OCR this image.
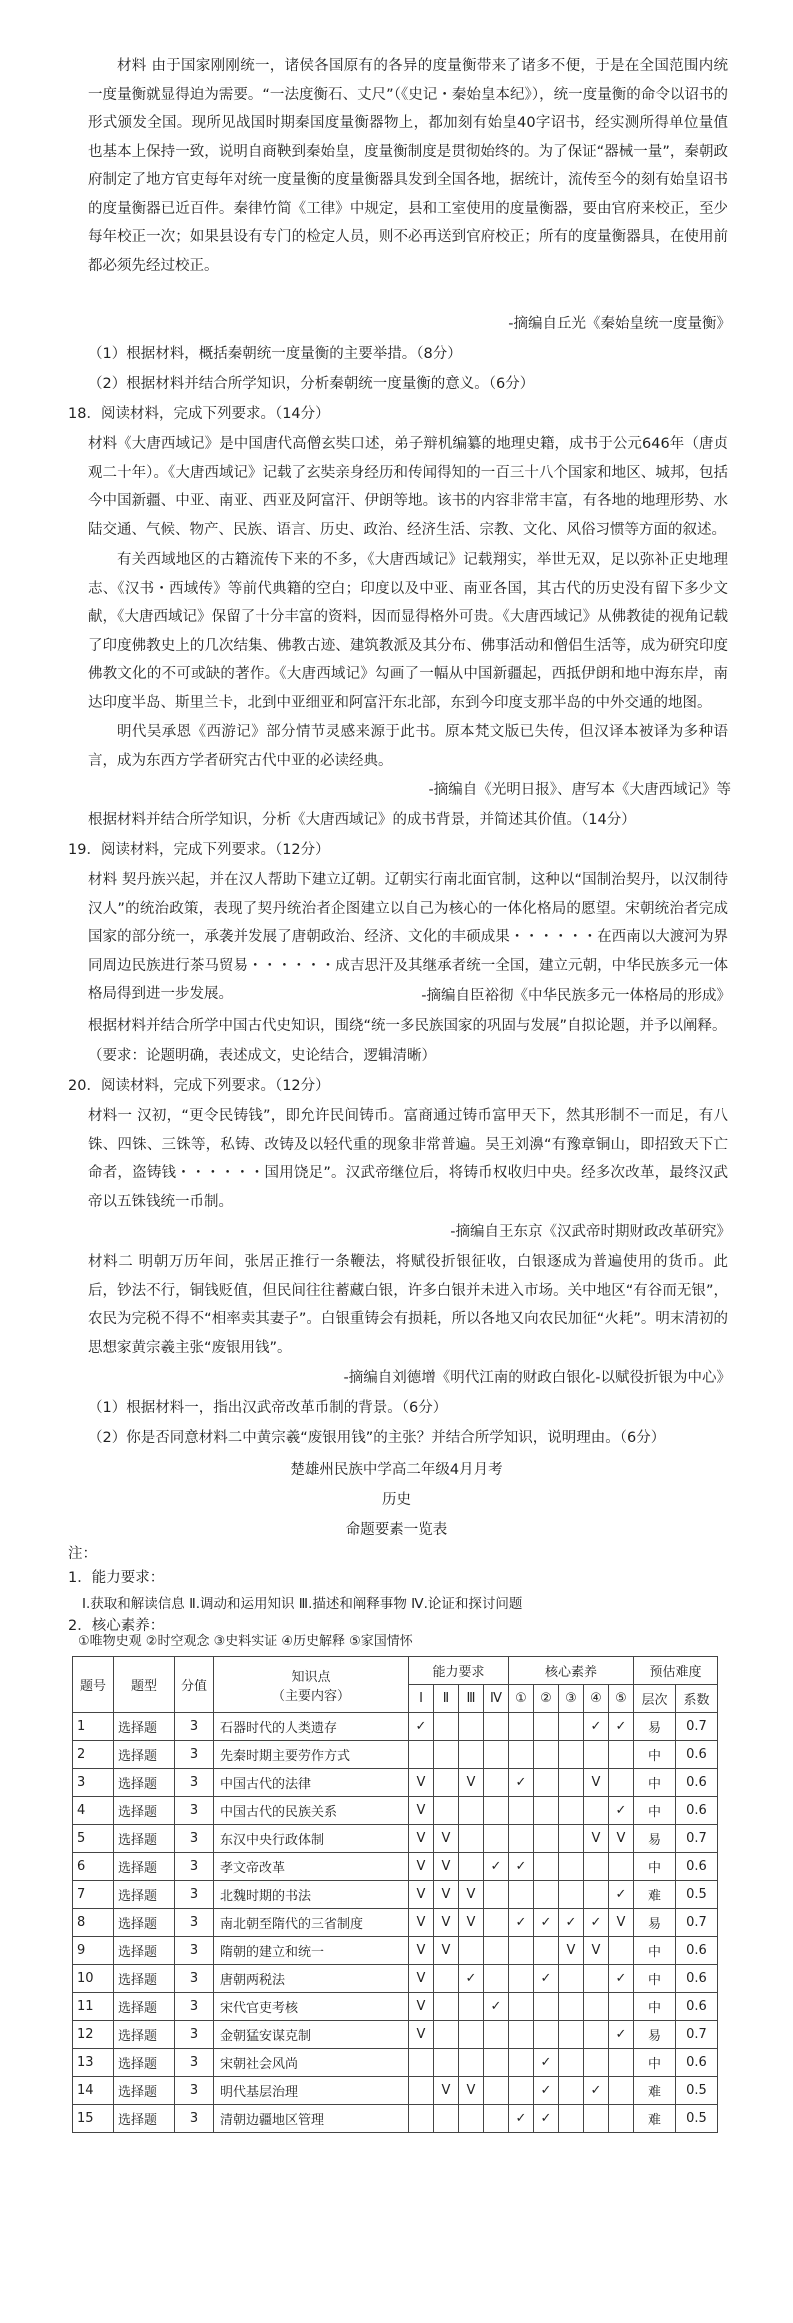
材料 由于国家刚刚统一，诸侯各国原有的各异的度量衡带来了诸多不便，于是在全国范围内统一度量衡就显得迫为需要。“一法度衡石、丈尺”（《史记・秦始皇本纪》），统一度量衡的命令以诏书的形式颁发全国。现所见战国时期秦国度量衡器物上，都加刻有始皇40字诏书，经实测所得单位量值也基本上保持一致，说明自商鞅到秦始皇，度量衡制度是贯彻始终的。为了保证“器械一量”，秦朝政府制定了地方官吏每年对统一度量衡的度量衡器具发到全国各地，据统计，流传至今的刻有始皇诏书的度量衡器已近百件。秦律竹简《工律》中规定，县和工室使用的度量衡器，要由官府来校正，至少每年校正一次；如果县设有专门的检定人员，则不必再送到官府校正；所有的度量衡器具，在使用前都必须先经过校正。

-摘编自丘光《秦始皇统一度量衡》

（1）根据材料，概括秦朝统一度量衡的主要举措。（8分）

（2）根据材料并结合所学知识，分析秦朝统一度量衡的意义。（6分）

18．阅读材料，完成下列要求。（14分）

材料《大唐西域记》是中国唐代高僧玄奘口述，弟子辩机编纂的地理史籍，成书于公元646年（唐贞观二十年）。《大唐西域记》记载了玄奘亲身经历和传闻得知的一百三十八个国家和地区、城邦，包括今中国新疆、中亚、南亚、西亚及阿富汗、伊朗等地。该书的内容非常丰富，有各地的地理形势、水陆交通、气候、物产、民族、语言、历史、政治、经济生活、宗教、文化、风俗习惯等方面的叙述。

有关西域地区的古籍流传下来的不多，《大唐西域记》记载翔实，举世无双，足以弥补正史地理志、《汉书・西域传》等前代典籍的空白；印度以及中亚、南亚各国，其古代的历史没有留下多少文献，《大唐西域记》保留了十分丰富的资料，因而显得格外可贵。《大唐西域记》从佛教徒的视角记载了印度佛教史上的几次结集、佛教古迹、建筑教派及其分布、佛事活动和僧侣生活等，成为研究印度佛教文化的不可或缺的著作。《大唐西域记》勾画了一幅从中国新疆起，西抵伊朗和地中海东岸，南达印度半岛、斯里兰卡，北到中亚细亚和阿富汗东北部，东到今印度支那半岛的中外交通的地图。

明代吴承恩《西游记》部分情节灵感来源于此书。原本梵文版已失传，但汉译本被译为多种语言，成为东西方学者研究古代中亚的必读经典。

-摘编自《光明日报》、唐写本《大唐西域记》等

根据材料并结合所学知识，分析《大唐西域记》的成书背景，并简述其价值。（14分）

19．阅读材料，完成下列要求。（12分）

材料 契丹族兴起，并在汉人帮助下建立辽朝。辽朝实行南北面官制，这种以“国制治契丹，以汉制待汉人”的统治政策，表现了契丹统治者企图建立以自己为核心的一体化格局的愿望。宋朝统治者完成国家的部分统一，承袭并发展了唐朝政治、经济、文化的丰硕成果・・・・・・在西南以大渡河为界同周边民族进行茶马贸易・・・・・・成吉思汗及其继承者统一全国，建立元朝，中华民族多元一体格局得到进一步发展。	-摘编自臣裕彻《中华民族多元一体格局的形成》

根据材料并结合所学中国古代史知识，围绕“统一多民族国家的巩固与发展”自拟论题，并予以阐释。

（要求：论题明确，表述成文，史论结合，逻辑清晰）

20．阅读材料，完成下列要求。（12分）

材料一 汉初，“更令民铸钱”，即允许民间铸币。富商通过铸币富甲天下，然其形制不一而足，有八铢、四铢、三铢等，私铸、改铸及以轻代重的现象非常普遍。吴王刘濞“有豫章铜山，即招致天下亡命者，盗铸钱・・・・・・国用饶足”。汉武帝继位后，将铸币权收归中央。经多次改革，最终汉武帝以五铢钱统一币制。

-摘编自王东京《汉武帝时期财政改革研究》

材料二 明朝万历年间，张居正推行一条鞭法，将赋役折银征收，白银逐成为普遍使用的货币。此后，钞法不行，铜钱贬值，但民间往往蓄藏白银，许多白银并未进入市场。关中地区“有谷而无银”，农民为完税不得不“相率卖其妻子”。白银重铸会有损耗，所以各地又向农民加征“火耗”。明末清初的思想家黄宗羲主张“废银用钱”。

-摘编自刘德增《明代江南的财政白银化-以赋役折银为中心》

（1）根据材料一，指出汉武帝改革币制的背景。（6分）

（2）你是否同意材料二中黄宗羲“废银用钱”的主张？并结合所学知识，说明理由。（6分）

楚雄州民族中学高二年级4月月考

历史

命题要素一览表

注：

1．能力要求：

Ⅰ.获取和解读信息 Ⅱ.调动和运用知识 Ⅲ.描述和阐释事物 Ⅳ.论证和探讨问题

2．核心素养：

题号	题型	分值	知识点
（主要内容）	能力要求				核心素养					预估难度	
				Ⅰ	Ⅱ	Ⅲ	Ⅳ	①	②	③	④	⑤	层次	系数
1	选择题	3	石器时代的人类遗存	✓							✓	✓	易	0.7
2	选择题	3	先秦时期主要劳作方式										中	0.6
3	选择题	3	中国古代的法律	V		V		✓			V		中	0.6
4	选择题	3	中国古代的民族关系	V								✓	中	0.6
5	选择题	3	东汉中央行政体制	V	V						V	V	易	0.7
6	选择题	3	孝文帝改革	V	V		✓	✓					中	0.6
7	选择题	3	北魏时期的书法	V	V	V						✓	难	0.5
8	选择题	3	南北朝至隋代的三省制度	V	V	V		✓	✓	✓	✓	V	易	0.7
9	选择题	3	隋朝的建立和统一	V	V					V	V		中	0.6
10	选择题	3	唐朝两税法	V		✓			✓			✓	中	0.6
11	选择题	3	宋代官吏考核	V			✓						中	0.6
12	选择题	3	金朝猛安谋克制	V								✓	易	0.7
13	选择题	3	宋朝社会风尚						✓				中	0.6
14	选择题	3	明代基层治理		V	V			✓		✓		难	0.5
15	选择题	3	清朝边疆地区管理					✓	✓				难	0.5

①唯物史观 ②时空观念 ③史料实证 ④历史解释 ⑤家国情怀
